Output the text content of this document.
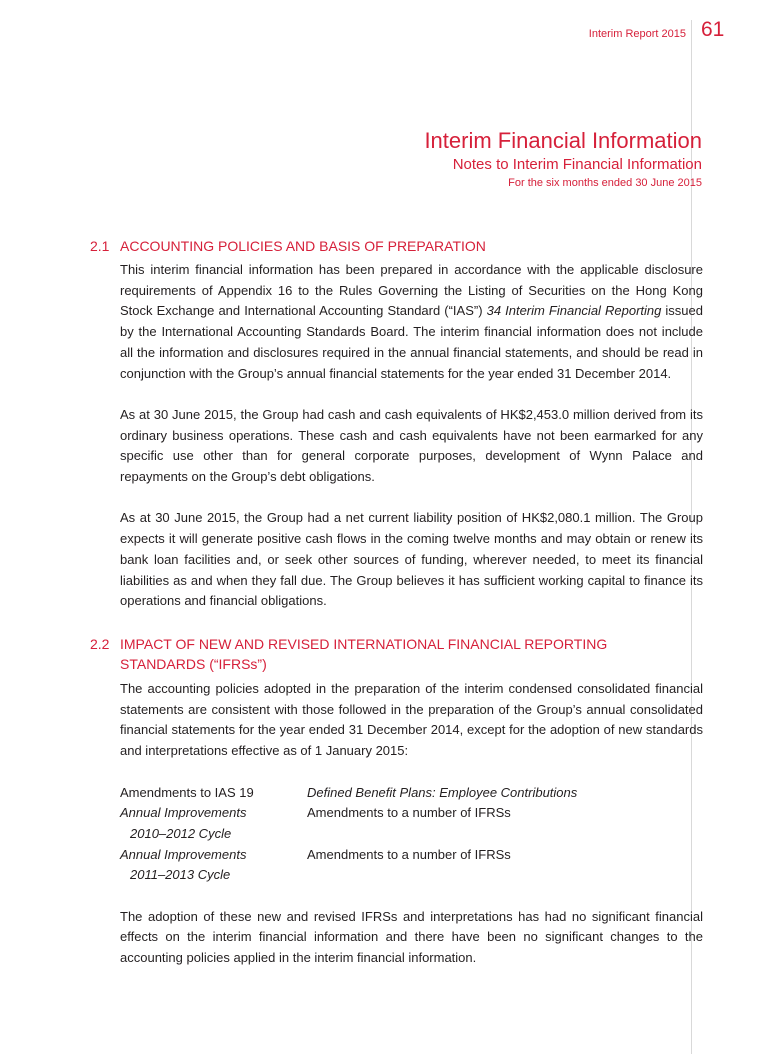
Interim Report 2015 61
Interim Financial Information
Notes to Interim Financial Information
For the six months ended 30 June 2015
2.1 ACCOUNTING POLICIES AND BASIS OF PREPARATION

This interim financial information has been prepared in accordance with the applicable disclosure requirements of Appendix 16 to the Rules Governing the Listing of Securities on the Hong Kong Stock Exchange and International Accounting Standard (“IAS”) 34 Interim Financial Reporting issued by the International Accounting Standards Board. The interim financial information does not include all the information and disclosures required in the annual financial statements, and should be read in conjunction with the Group’s annual financial statements for the year ended 31 December 2014.

As at 30 June 2015, the Group had cash and cash equivalents of HK$2,453.0 million derived from its ordinary business operations. These cash and cash equivalents have not been earmarked for any specific use other than for general corporate purposes, development of Wynn Palace and repayments on the Group’s debt obligations.

As at 30 June 2015, the Group had a net current liability position of HK$2,080.1 million. The Group expects it will generate positive cash flows in the coming twelve months and may obtain or renew its bank loan facilities and, or seek other sources of funding, wherever needed, to meet its financial liabilities as and when they fall due. The Group believes it has sufficient working capital to finance its operations and financial obligations.

2.2 IMPACT OF NEW AND REVISED INTERNATIONAL FINANCIAL REPORTING
STANDARDS (“IFRSs”)

The accounting policies adopted in the preparation of the interim condensed consolidated financial statements are consistent with those followed in the preparation of the Group’s annual consolidated financial statements for the year ended 31 December 2014, except for the adoption of new standards and interpretations effective as of 1 January 2015:

Amendments to IAS 19	Defined Benefit Plans: Employee Contributions
Annual Improvements	Amendments to a number of IFRSs
2010–2012 Cycle
Annual Improvements	Amendments to a number of IFRSs
2011–2013 Cycle

The adoption of these new and revised IFRSs and interpretations has had no significant financial effects on the interim financial information and there have been no significant changes to the accounting policies applied in the interim financial information.
